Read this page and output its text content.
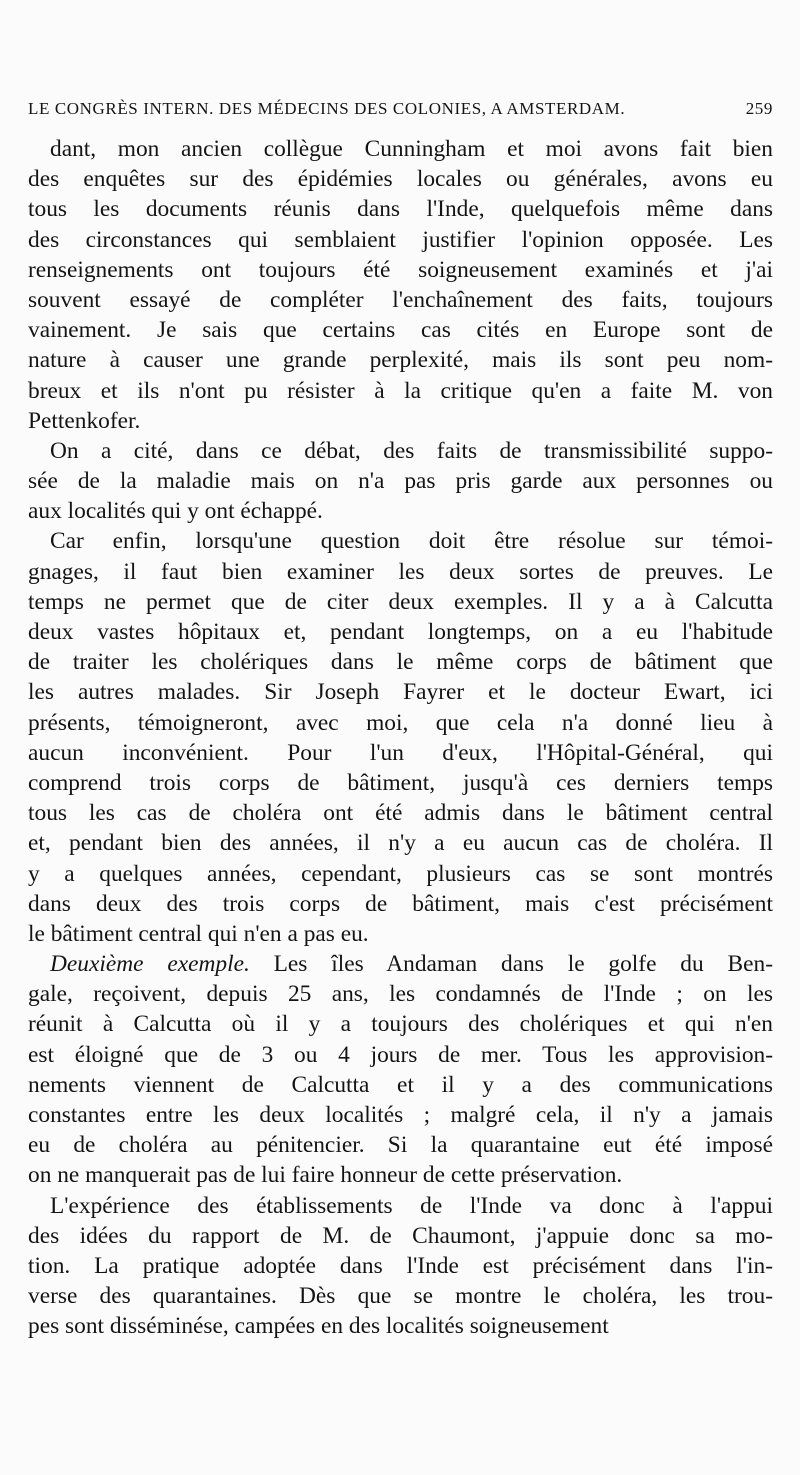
LE CONGRÈS INTERN. DES MÉDECINS DES COLONIES, A AMSTERDAM.	259
dant, mon ancien collègue Cunningham et moi avons fait bien
des enquêtes sur des épidémies locales ou générales, avons eu
tous les documents réunis dans l'Inde, quelquefois même dans
des circonstances qui semblaient justifier l'opinion opposée. Les
renseignements ont toujours été soigneusement examinés et j'ai
souvent essayé de compléter l'enchaînement des faits, toujours
vainement. Je sais que certains cas cités en Europe sont de
nature à causer une grande perplexité, mais ils sont peu nom-
breux et ils n'ont pu résister à la critique qu'en a faite M. von
Pettenkofer.
On a cité, dans ce débat, des faits de transmissibilité suppo-
sée de la maladie mais on n'a pas pris garde aux personnes ou
aux localités qui y ont échappé.
Car enfin, lorsqu'une question doit être résolue sur témoi-
gnages, il faut bien examiner les deux sortes de preuves. Le
temps ne permet que de citer deux exemples. Il y a à Calcutta
deux vastes hôpitaux et, pendant longtemps, on a eu l'habitude
de traiter les cholériques dans le même corps de bâtiment que
les autres malades. Sir Joseph Fayrer et le docteur Ewart, ici
présents, témoigneront, avec moi, que cela n'a donné lieu à
aucun inconvénient. Pour l'un d'eux, l'Hôpital-Général, qui
comprend trois corps de bâtiment, jusqu'à ces derniers temps
tous les cas de choléra ont été admis dans le bâtiment central
et, pendant bien des années, il n'y a eu aucun cas de choléra. Il
y a quelques années, cependant, plusieurs cas se sont montrés
dans deux des trois corps de bâtiment, mais c'est précisément
le bâtiment central qui n'en a pas eu.
Deuxième exemple. Les îles Andaman dans le golfe du Ben-
gale, reçoivent, depuis 25 ans, les condamnés de l'Inde ; on les
réunit à Calcutta où il y a toujours des cholériques et qui n'en
est éloigné que de 3 ou 4 jours de mer. Tous les approvision-
nements viennent de Calcutta et il y a des communications
constantes entre les deux localités ; malgré cela, il n'y a jamais
eu de choléra au pénitencier. Si la quarantaine eut été imposé
on ne manquerait pas de lui faire honneur de cette préservation.
L'expérience des établissements de l'Inde va donc à l'appui
des idées du rapport de M. de Chaumont, j'appuie donc sa mo-
tion. La pratique adoptée dans l'Inde est précisément dans l'in-
verse des quarantaines. Dès que se montre le choléra, les trou-
pes sont disséminése, campées en des localités soigneusement
